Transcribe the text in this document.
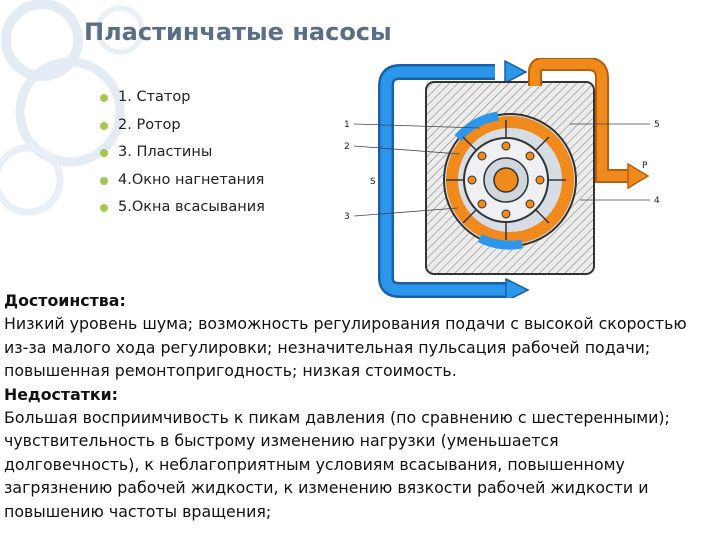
Пластинчатые насосы
1. Статор
2. Ротор
3. Пластины
4.Окно нагнетания
5.Окна всасывания
1
2
3
5
4
S
P

Достоинства:

Низкий уровень шума; возможность регулирования подачи с высокой скоростью

из-за малого хода регулировки; незначительная пульсация рабочей подачи;

повышенная ремонтопригодность; низкая стоимость.

Недостатки:

Большая восприимчивость к пикам давления (по сравнению с шестеренными);

чувствительность в быстрому изменению нагрузки (уменьшается

долговечность), к неблагоприятным условиям всасывания, повышенному

загрязнению рабочей жидкости, к изменению вязкости рабочей жидкости и

повышению частоты вращения;
